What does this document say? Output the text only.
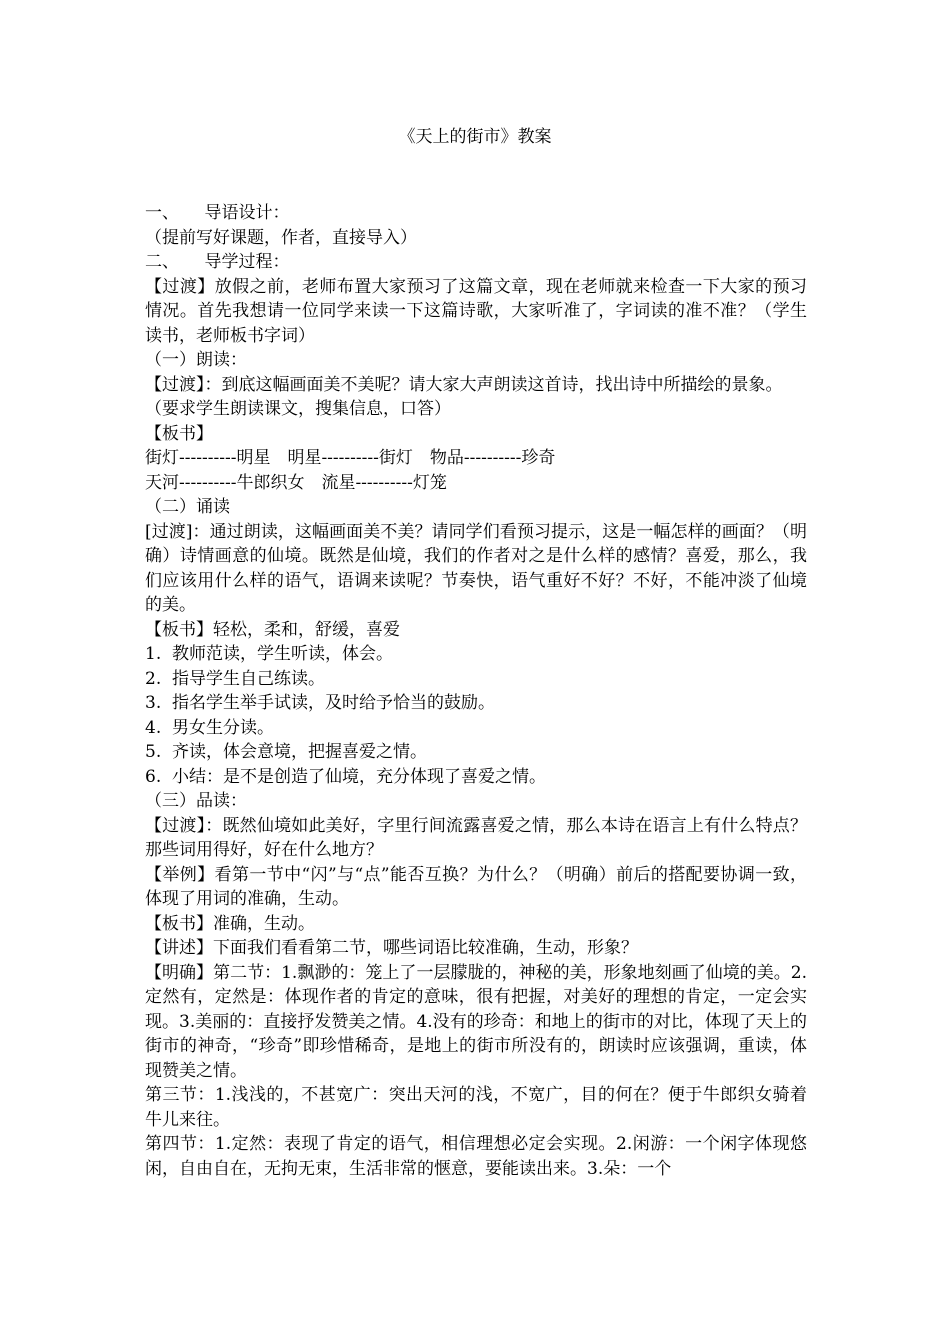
《天上的街市》教案

一、　　导语设计：

（提前写好课题，作者，直接导入）

二、　　导学过程：

【过渡】放假之前，老师布置大家预习了这篇文章，现在老师就来检查一下大家的预习情况。首先我想请一位同学来读一下这篇诗歌，大家听准了，字词读的准不准？（学生读书，老师板书字词）

（一）朗读：

【过渡】：到底这幅画面美不美呢？请大家大声朗读这首诗，找出诗中所描绘的景象。

（要求学生朗读课文，搜集信息，口答）

【板书】

街灯----------明星　明星----------街灯　物品----------珍奇

天河----------牛郎织女　流星----------灯笼

（二）诵读

[过渡]：通过朗读，这幅画面美不美？请同学们看预习提示，这是一幅怎样的画面？（明确）诗情画意的仙境。既然是仙境，我们的作者对之是什么样的感情？喜爱，那么，我们应该用什么样的语气，语调来读呢？节奏快，语气重好不好？不好，不能冲淡了仙境的美。

【板书】轻松，柔和，舒缓，喜爱

1.  教师范读，学生听读，体会。

2.  指导学生自己练读。

3.  指名学生举手试读，及时给予恰当的鼓励。

4.  男女生分读。

5.  齐读，体会意境，把握喜爱之情。

6.  小结：是不是创造了仙境，充分体现了喜爱之情。

（三）品读：

【过渡】：既然仙境如此美好，字里行间流露喜爱之情，那么本诗在语言上有什么特点？那些词用得好，好在什么地方？

【举例】看第一节中“闪”与“点”能否互换？为什么？（明确）前后的搭配要协调一致，体现了用词的准确，生动。

【板书】准确，生动。

【讲述】下面我们看看第二节，哪些词语比较准确，生动，形象？

【明确】第二节：1.飘渺的：笼上了一层朦胧的，神秘的美，形象地刻画了仙境的美。2.定然有，定然是：体现作者的肯定的意味，很有把握，对美好的理想的肯定，一定会实现。3.美丽的：直接抒发赞美之情。4.没有的珍奇：和地上的街市的对比，体现了天上的街市的神奇，“珍奇”即珍惜稀奇，是地上的街市所没有的，朗读时应该强调，重读，体现赞美之情。

第三节：1.浅浅的，不甚宽广：突出天河的浅，不宽广，目的何在？便于牛郎织女骑着牛儿来往。

第四节：1.定然：表现了肯定的语气，相信理想必定会实现。2.闲游：一个闲字体现悠闲，自由自在，无拘无束，生活非常的惬意，要能读出来。3.朵：一个
